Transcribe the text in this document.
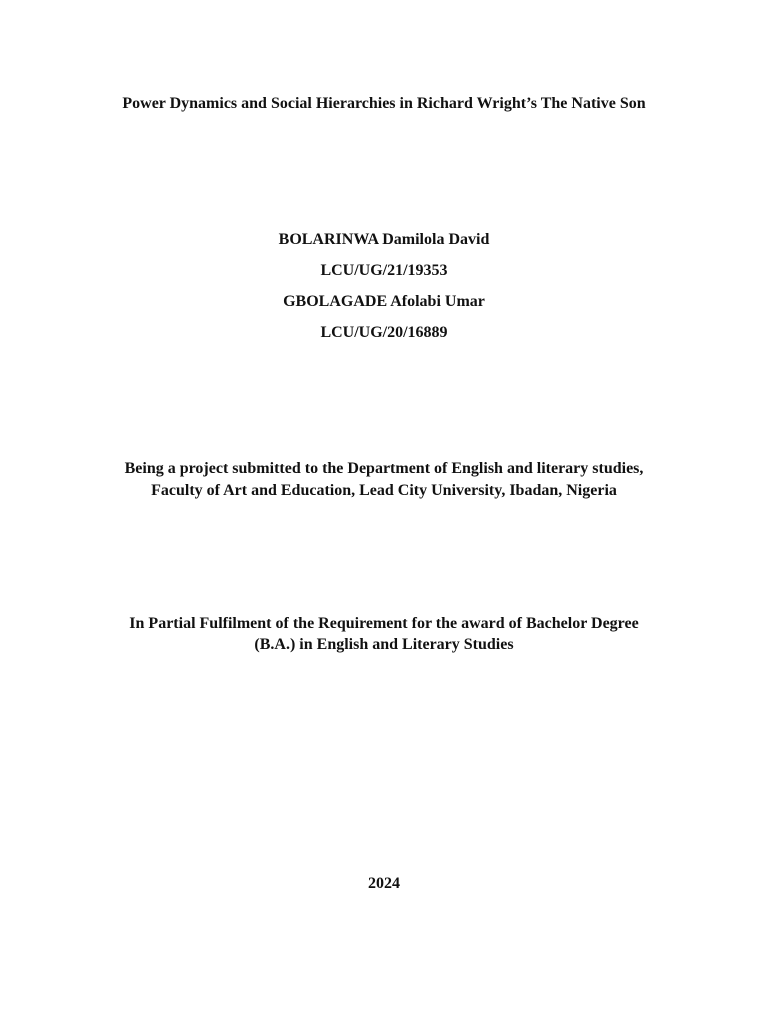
Power Dynamics and Social Hierarchies in Richard Wright’s The Native Son
BOLARINWA Damilola David
LCU/UG/21/19353
GBOLAGADE Afolabi Umar
LCU/UG/20/16889
Being a project submitted to the Department of English and literary studies,
Faculty of Art and Education, Lead City University, Ibadan, Nigeria
In Partial Fulfilment of the Requirement for the award of Bachelor Degree
(B.A.) in English and Literary Studies
2024
